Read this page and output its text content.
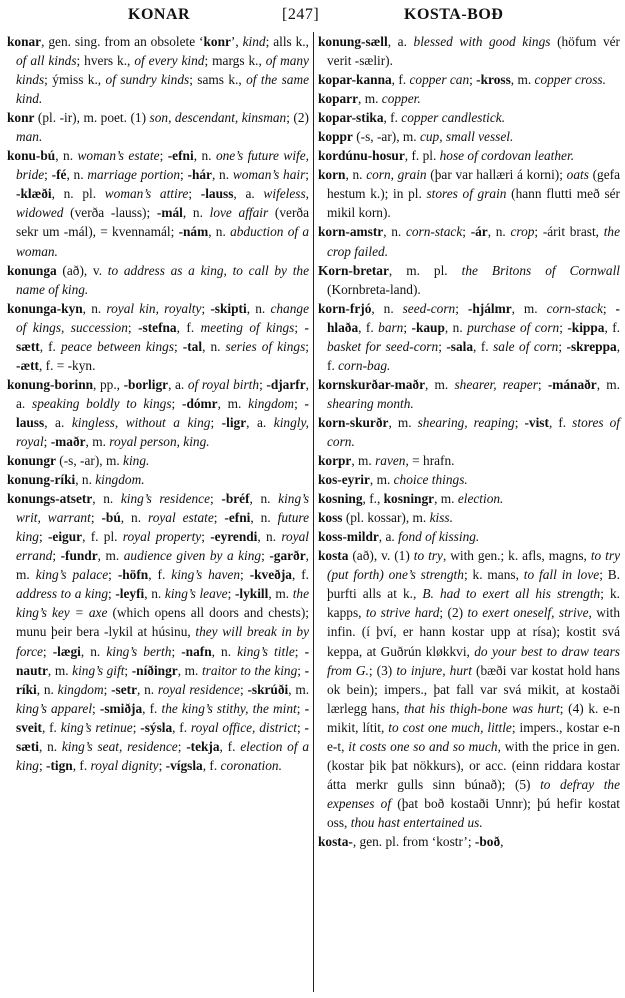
KONAR	[247]	KOSTA-BOÐ

konar, gen. sing. from an obsolete ‘konr’, kind; alls k., of all kinds; hvers k., of every kind; margs k., of many kinds; ýmiss k., of sundry kinds; sams k., of the same kind.

konr (pl. -ir), m. poet. (1) son, descendant, kinsman; (2) man.

konu-bú, n. woman’s estate; -efni, n. one’s future wife, bride; -fé, n. marriage portion; -hár, n. woman’s hair; -klæði, n. pl. woman’s attire; -lauss, a. wifeless, widowed (verða -lauss); -mál, n. love affair (verða sekr um -mál), = kvennamál; -nám, n. abduction of a woman.

konunga (að), v. to address as a king, to call by the name of king.

konunga-kyn, n. royal kin, royalty; -skipti, n. change of kings, succession; -stefna, f. meeting of kings; -sætt, f. peace between kings; -tal, n. series of kings; -ætt, f. = -kyn.

konung-borinn, pp., -borligr, a. of royal birth; -djarfr, a. speaking boldly to kings; -dómr, m. kingdom; -lauss, a. kingless, without a king; -ligr, a. kingly, royal; -maðr, m. royal person, king.

konungr (-s, -ar), m. king.

konung-ríki, n. kingdom.

konungs-atsetr, n. king’s residence; -bréf, n. king’s writ, warrant; -bú, n. royal estate; -efni, n. future king; -eigur, f. pl. royal property; -eyrendi, n. royal errand; -fundr, m. audience given by a king; -garðr, m. king’s palace; -höfn, f. king’s haven; -kveðja, f. address to a king; -leyfi, n. king’s leave; -lykill, m. the king’s key = axe (which opens all doors and chests); munu þeir bera -lykil at húsinu, they will break in by force; -lægi, n. king’s berth; -nafn, n. king’s title; -nautr, m. king’s gift; -níðingr, m. traitor to the king; -ríki, n. kingdom; -setr, n. royal residence; -skrúði, m. king’s apparel; -smiðja, f. the king’s stithy, the mint; -sveit, f. king’s retinue; -sýsla, f. royal office, district; -sæti, n. king’s seat, residence; -tekja, f. election of a king; -tign, f. royal dignity; -vígsla, f. coronation.

konung-sæll, a. blessed with good kings (höfum vér verit -sælir).

kopar-kanna, f. copper can; -kross, m. copper cross.

koparr, m. copper.

kopar-stika, f. copper candlestick.

koppr (-s, -ar), m. cup, small vessel.

kordúnu-hosur, f. pl. hose of cordovan leather.

korn, n. corn, grain (þar var hallæri á korni); oats (gefa hestum k.); in pl. stores of grain (hann flutti með sér mikil korn).

korn-amstr, n. corn-stack; -ár, n. crop; -árit brast, the crop failed.

Korn-bretar, m. pl. the Britons of Cornwall (Kornbreta-land).

korn-frjó, n. seed-corn; -hjálmr, m. corn-stack; -hlaða, f. barn; -kaup, n. purchase of corn; -kippa, f. basket for seed-corn; -sala, f. sale of corn; -skreppa, f. corn-bag.

kornskurðar-maðr, m. shearer, reaper; -mánaðr, m. shearing month.

korn-skurðr, m. shearing, reaping; -vist, f. stores of corn.

korpr, m. raven, = hrafn.

kos-eyrir, m. choice things.

kosning, f., kosningr, m. election.

koss (pl. kossar), m. kiss.

koss-mildr, a. fond of kissing.

kosta (að), v. (1) to try, with gen.; k. afls, magns, to try (put forth) one’s strength; k. mans, to fall in love; B. þurfti alls at k., B. had to exert all his strength; k. kapps, to strive hard; (2) to exert oneself, strive, with infin. (í því, er hann kostar upp at rísa); kostit svá keppa, at Guðrún kløkkvi, do your best to draw tears from G.; (3) to injure, hurt (bæði var kostat hold hans ok bein); impers., þat fall var svá mikit, at kostaði lærlegg hans, that his thigh-bone was hurt; (4) k. e-n mikit, lítit, to cost one much, little; impers., kostar e-n e-t, it costs one so and so much, with the price in gen. (kostar þik þat nökkurs), or acc. (einn riddara kostar átta merkr gulls sinn búnað); (5) to defray the expenses of (þat boð kostaði Unnr); þú hefir kostat oss, thou hast entertained us.

kosta-, gen. pl. from ‘kostr’; -boð,
